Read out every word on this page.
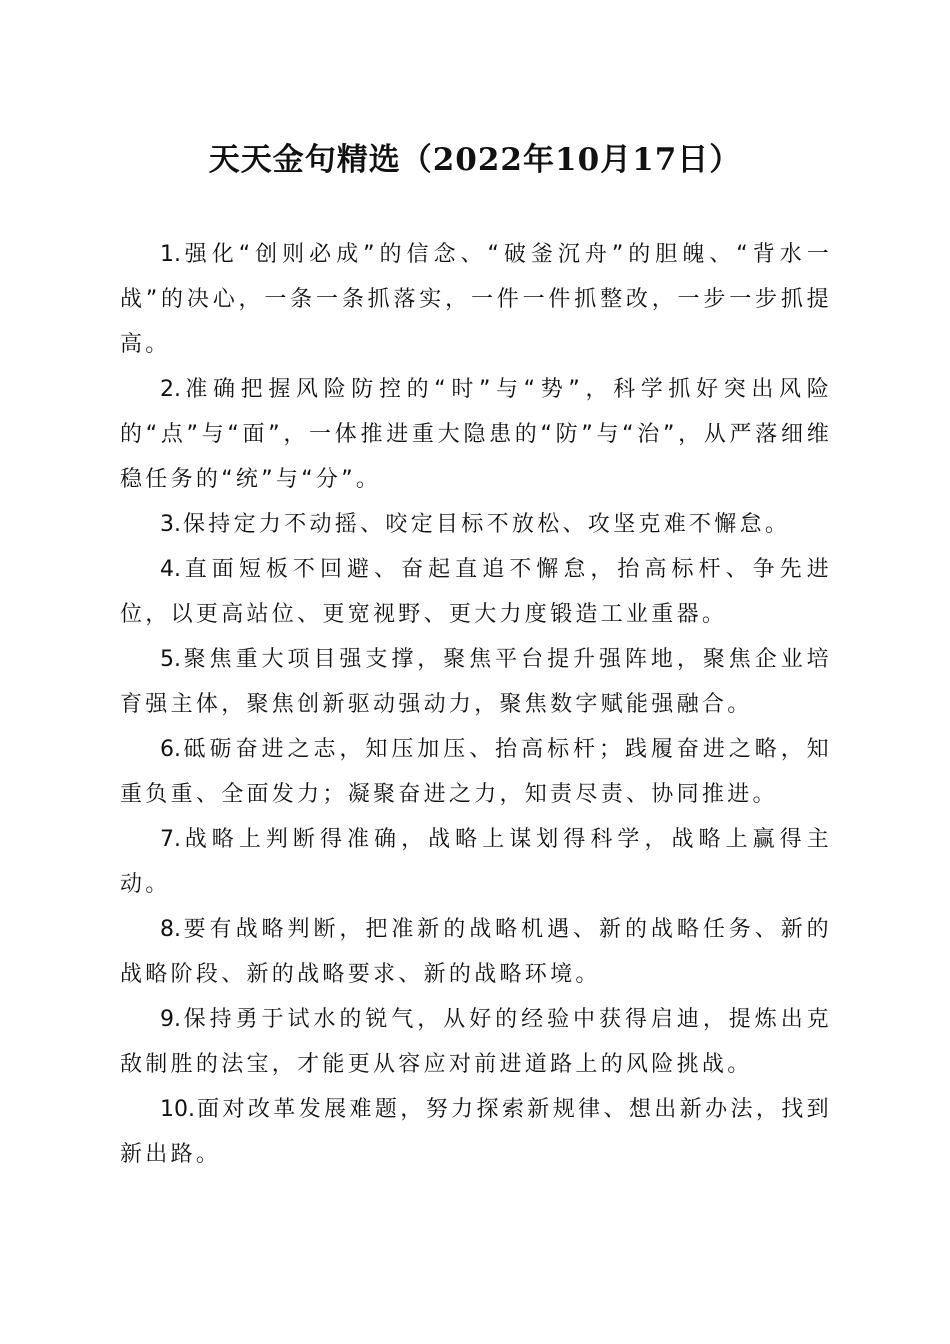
天天金句精选（2022年10月17日）

1.强化“创则必成”的信念、“破釜沉舟”的胆魄、“背水一战”的决心，一条一条抓落实，一件一件抓整改，一步一步抓提高。

2.准确把握风险防控的“时”与“势”，科学抓好突出风险的“点”与“面”，一体推进重大隐患的“防”与“治”，从严落细维稳任务的“统”与“分”。

3.保持定力不动摇、咬定目标不放松、攻坚克难不懈怠。

4.直面短板不回避、奋起直追不懈怠，抬高标杆、争先进位，以更高站位、更宽视野、更大力度锻造工业重器。

5.聚焦重大项目强支撑，聚焦平台提升强阵地，聚焦企业培育强主体，聚焦创新驱动强动力，聚焦数字赋能强融合。

6.砥砺奋进之志，知压加压、抬高标杆；践履奋进之略，知重负重、全面发力；凝聚奋进之力，知责尽责、协同推进。

7.战略上判断得准确，战略上谋划得科学，战略上赢得主动。

8.要有战略判断，把准新的战略机遇、新的战略任务、新的战略阶段、新的战略要求、新的战略环境。

9.保持勇于试水的锐气，从好的经验中获得启迪，提炼出克敌制胜的法宝，才能更从容应对前进道路上的风险挑战。

10.面对改革发展难题，努力探索新规律、想出新办法，找到新出路。
